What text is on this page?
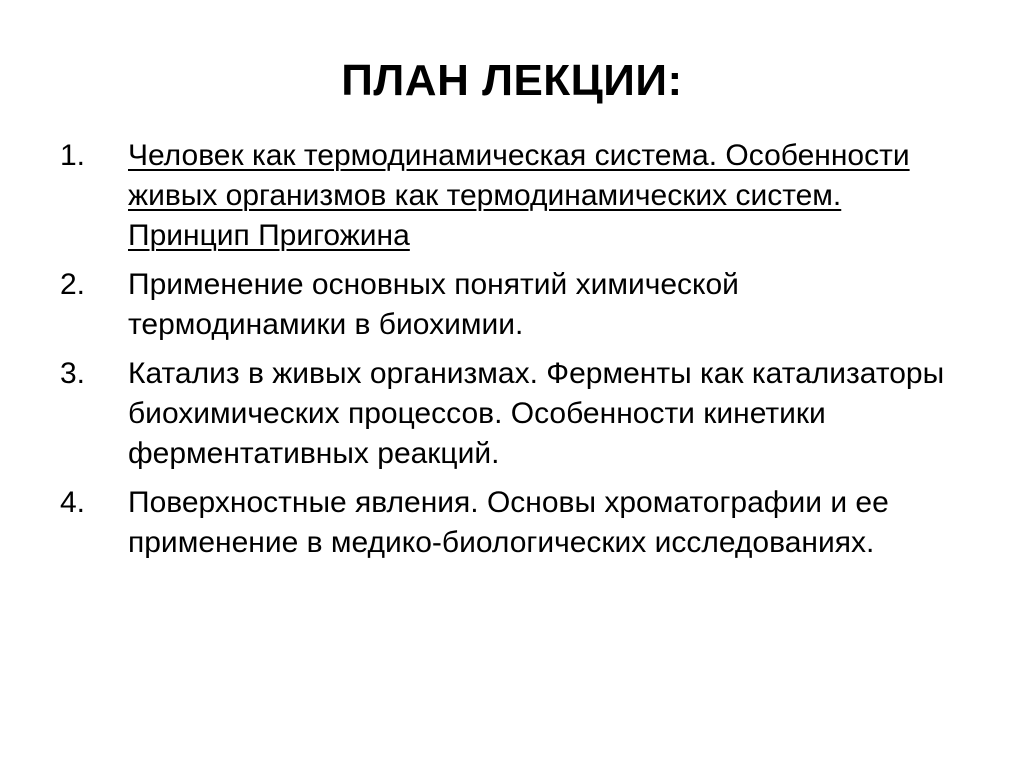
ПЛАН ЛЕКЦИИ:
1.	Человек как термодинамическая система. Особенности живых организмов как термодинамических систем. Принцип Пригожина
2.	Применение основных понятий химической термодинамики в биохимии.
3.	Катализ в живых организмах. Ферменты как катализаторы биохимических процессов. Особенности кинетики ферментативных реакций.
4.	Поверхностные явления. Основы хроматографии и ее применение в медико-биологических исследованиях.
